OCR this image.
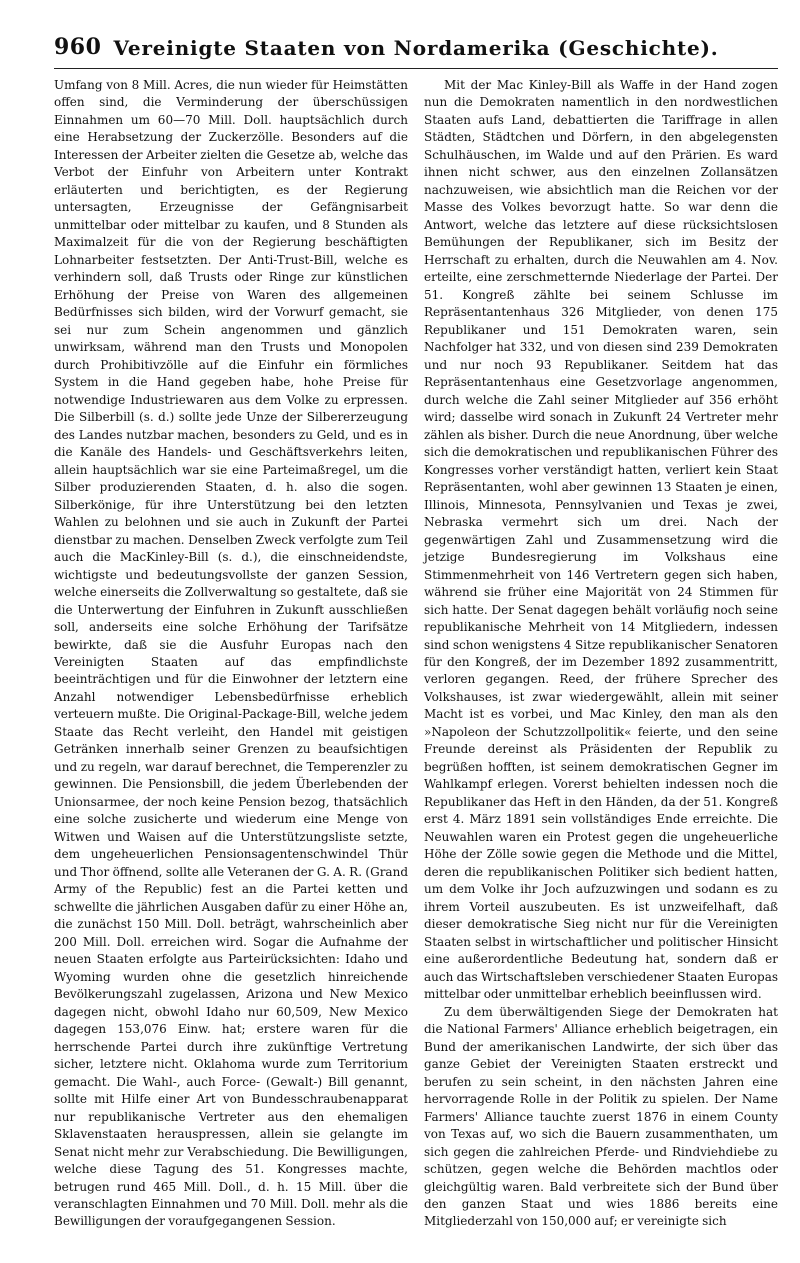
960 Vereinigte Staaten von Nordamerika (Geschichte).

Umfang von 8 Mill. Acres, die nun wieder für Heimstätten offen sind, die Verminderung der überschüssigen Einnahmen um 60—70 Mill. Doll. hauptsächlich durch eine Herabsetzung der Zuckerzölle. Besonders auf die Interessen der Arbeiter zielten die Gesetze ab, welche das Verbot der Einfuhr von Arbeitern unter Kontrakt erläuterten und berichtigten, es der Regierung untersagten, Erzeugnisse der Gefängnisarbeit unmittelbar oder mittelbar zu kaufen, und 8 Stunden als Maximalzeit für die von der Regierung beschäftigten Lohnarbeiter festsetzten. Der Anti-Trust-Bill, welche es verhindern soll, daß Trusts oder Ringe zur künstlichen Erhöhung der Preise von Waren des allgemeinen Bedürfnisses sich bilden, wird der Vorwurf gemacht, sie sei nur zum Schein angenommen und gänzlich unwirksam, während man den Trusts und Monopolen durch Prohibitivzölle auf die Einfuhr ein förmliches System in die Hand gegeben habe, hohe Preise für notwendige Industriewaren aus dem Volke zu erpressen. Die Silberbill (s. d.) sollte jede Unze der Silbererzeugung des Landes nutzbar machen, besonders zu Geld, und es in die Kanäle des Handels- und Geschäftsverkehrs leiten, allein hauptsächlich war sie eine Parteimaßregel, um die Silber produzierenden Staaten, d. h. also die sogen. Silberkönige, für ihre Unterstützung bei den letzten Wahlen zu belohnen und sie auch in Zukunft der Partei dienstbar zu machen. Denselben Zweck verfolgte zum Teil auch die MacKinley-Bill (s. d.), die einschneidendste, wichtigste und bedeutungsvollste der ganzen Session, welche einerseits die Zollverwaltung so gestaltete, daß sie die Unterwertung der Einfuhren in Zukunft ausschließen soll, anderseits eine solche Erhöhung der Tarifsätze bewirkte, daß sie die Ausfuhr Europas nach den Vereinigten Staaten auf das empfindlichste beeinträchtigen und für die Einwohner der letztern eine Anzahl notwendiger Lebensbedürfnisse erheblich verteuern mußte. Die Original-Package-Bill, welche jedem Staate das Recht verleiht, den Handel mit geistigen Getränken innerhalb seiner Grenzen zu beaufsichtigen und zu regeln, war darauf berechnet, die Temperenzler zu gewinnen. Die Pensionsbill, die jedem Überlebenden der Unionsarmee, der noch keine Pension bezog, thatsächlich eine solche zusicherte und wiederum eine Menge von Witwen und Waisen auf die Unterstützungsliste setzte, dem ungeheuerlichen Pensionsagentenschwindel Thür und Thor öffnend, sollte alle Veteranen der G. A. R. (Grand Army of the Republic) fest an die Partei ketten und schwellte die jährlichen Ausgaben dafür zu einer Höhe an, die zunächst 150 Mill. Doll. beträgt, wahrscheinlich aber 200 Mill. Doll. erreichen wird. Sogar die Aufnahme der neuen Staaten erfolgte aus Parteirücksichten: Idaho und Wyoming wurden ohne die gesetzlich hinreichende Bevölkerungszahl zugelassen, Arizona und New Mexico dagegen nicht, obwohl Idaho nur 60,509, New Mexico dagegen 153,076 Einw. hat; erstere waren für die herrschende Partei durch ihre zukünftige Vertretung sicher, letztere nicht. Oklahoma wurde zum Territorium gemacht. Die Wahl-, auch Force- (Gewalt-) Bill genannt, sollte mit Hilfe einer Art von Bundesschraubenapparat nur republikanische Vertreter aus den ehemaligen Sklavenstaaten herauspressen, allein sie gelangte im Senat nicht mehr zur Verabschiedung. Die Bewilligungen, welche diese Tagung des 51. Kongresses machte, betrugen rund 465 Mill. Doll., d. h. 15 Mill. über die veranschlagten Einnahmen und 70 Mill. Doll. mehr als die Bewilligungen der voraufgegangenen Session.

Mit der Mac Kinley-Bill als Waffe in der Hand zogen nun die Demokraten namentlich in den nordwestlichen Staaten aufs Land, debattierten die Tariffrage in allen Städten, Städtchen und Dörfern, in den abgelegensten Schulhäuschen, im Walde und auf den Prärien. Es ward ihnen nicht schwer, aus den einzelnen Zollansätzen nachzuweisen, wie absichtlich man die Reichen vor der Masse des Volkes bevorzugt hatte. So war denn die Antwort, welche das letztere auf diese rücksichtslosen Bemühungen der Republikaner, sich im Besitz der Herrschaft zu erhalten, durch die Neuwahlen am 4. Nov. erteilte, eine zerschmetternde Niederlage der Partei. Der 51. Kongreß zählte bei seinem Schlusse im Repräsentantenhaus 326 Mitglieder, von denen 175 Republikaner und 151 Demokraten waren, sein Nachfolger hat 332, und von diesen sind 239 Demokraten und nur noch 93 Republikaner. Seitdem hat das Repräsentantenhaus eine Gesetzvorlage angenommen, durch welche die Zahl seiner Mitglieder auf 356 erhöht wird; dasselbe wird sonach in Zukunft 24 Vertreter mehr zählen als bisher. Durch die neue Anordnung, über welche sich die demokratischen und republikanischen Führer des Kongresses vorher verständigt hatten, verliert kein Staat Repräsentanten, wohl aber gewinnen 13 Staaten je einen, Illinois, Minnesota, Pennsylvanien und Texas je zwei, Nebraska vermehrt sich um drei. Nach der gegenwärtigen Zahl und Zusammensetzung wird die jetzige Bundesregierung im Volkshaus eine Stimmenmehrheit von 146 Vertretern gegen sich haben, während sie früher eine Majorität von 24 Stimmen für sich hatte. Der Senat dagegen behält vorläufig noch seine republikanische Mehrheit von 14 Mitgliedern, indessen sind schon wenigstens 4 Sitze republikanischer Senatoren für den Kongreß, der im Dezember 1892 zusammentritt, verloren gegangen. Reed, der frühere Sprecher des Volkshauses, ist zwar wiedergewählt, allein mit seiner Macht ist es vorbei, und Mac Kinley, den man als den »Napoleon der Schutzzollpolitik« feierte, und den seine Freunde dereinst als Präsidenten der Republik zu begrüßen hofften, ist seinem demokratischen Gegner im Wahlkampf erlegen. Vorerst behielten indessen noch die Republikaner das Heft in den Händen, da der 51. Kongreß erst 4. März 1891 sein vollständiges Ende erreichte. Die Neuwahlen waren ein Protest gegen die ungeheuerliche Höhe der Zölle sowie gegen die Methode und die Mittel, deren die republikanischen Politiker sich bedient hatten, um dem Volke ihr Joch aufzuzwingen und sodann es zu ihrem Vorteil auszubeuten. Es ist unzweifelhaft, daß dieser demokratische Sieg nicht nur für die Vereinigten Staaten selbst in wirtschaftlicher und politischer Hinsicht eine außerordentliche Bedeutung hat, sondern daß er auch das Wirtschaftsleben verschiedener Staaten Europas mittelbar oder unmittelbar erheblich beeinflussen wird.

Zu dem überwältigenden Siege der Demokraten hat die National Farmers' Alliance erheblich beigetragen, ein Bund der amerikanischen Landwirte, der sich über das ganze Gebiet der Vereinigten Staaten erstreckt und berufen zu sein scheint, in den nächsten Jahren eine hervorragende Rolle in der Politik zu spielen. Der Name Farmers' Alliance tauchte zuerst 1876 in einem County von Texas auf, wo sich die Bauern zusammenthaten, um sich gegen die zahlreichen Pferde- und Rindviehdiebe zu schützen, gegen welche die Behörden machtlos oder gleichgültig waren. Bald verbreitete sich der Bund über den ganzen Staat und wies 1886 bereits eine Mitgliederzahl von 150,000 auf; er vereinigte sich
